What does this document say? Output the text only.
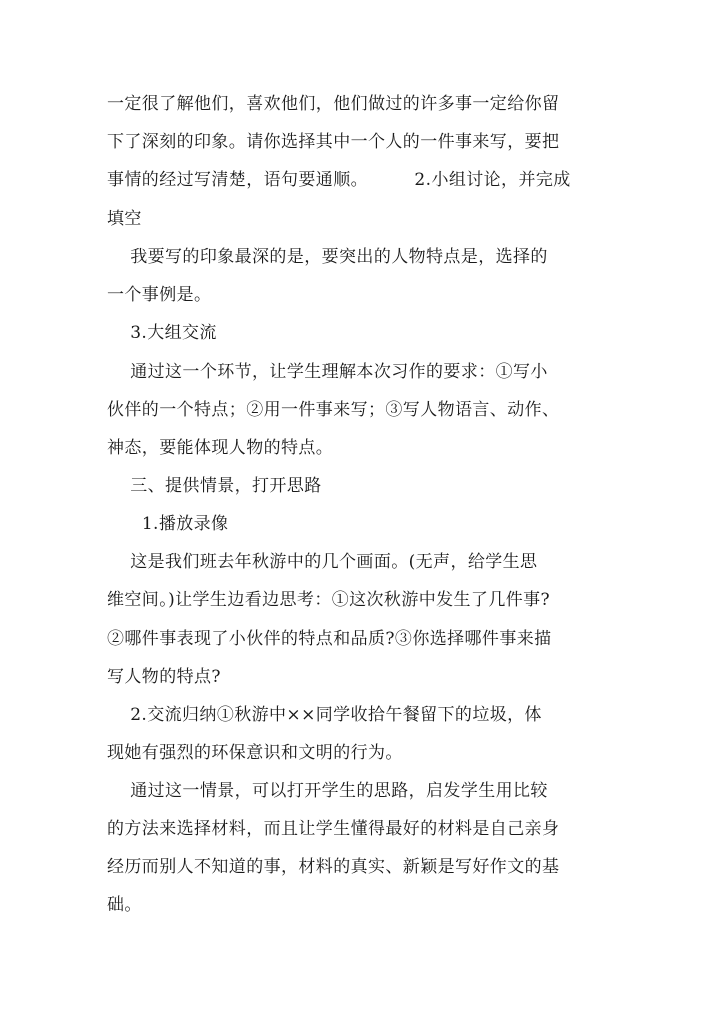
一定很了解他们，喜欢他们，他们做过的许多事一定给你留
下了深刻的印象。请你选择其中一个人的一件事来写，要把
事情的经过写清楚，语句要通顺。        2.小组讨论，并完成
填空
我要写的印象最深的是，要突出的人物特点是，选择的
一个事例是。
3.大组交流
通过这一个环节，让学生理解本次习作的要求：①写小
伙伴的一个特点；②用一件事来写；③写人物语言、动作、
神态，要能体现人物的特点。
三、提供情景，打开思路
1.播放录像
这是我们班去年秋游中的几个画面。(无声，给学生思
维空间。)让学生边看边思考：①这次秋游中发生了几件事?
②哪件事表现了小伙伴的特点和品质?③你选择哪件事来描
写人物的特点?
2.交流归纳①秋游中××同学收拾午餐留下的垃圾，体
现她有强烈的环保意识和文明的行为。
通过这一情景，可以打开学生的思路，启发学生用比较
的方法来选择材料，而且让学生懂得最好的材料是自己亲身
经历而别人不知道的事，材料的真实、新颖是写好作文的基
础。
